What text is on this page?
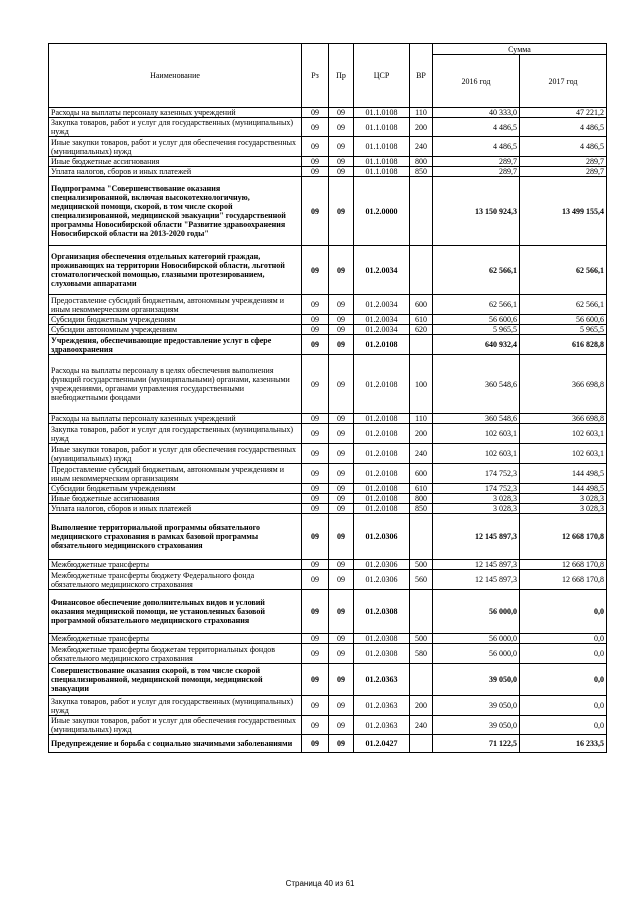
Наименование	Рз	Пр	ЦСР	ВР	Сумма	
					2016 год	2017 год
Расходы на выплаты персоналу казенных учреждений	09	09	01.1.0108	110	40 333,0	47 221,2
Закупка товаров, работ и услуг для государственных (муниципальных) нужд	09	09	01.1.0108	200	4 486,5	4 486,5
Иные закупки товаров, работ и услуг для обеспечения государственных (муниципальных) нужд	09	09	01.1.0108	240	4 486,5	4 486,5
Иные бюджетные ассигнования	09	09	01.1.0108	800	289,7	289,7
Уплата налогов, сборов и иных платежей	09	09	01.1.0108	850	289,7	289,7
Подпрограмма "Совершенствование оказания специализированной, включая высокотехнологичную, медицинской помощи, скорой, в том числе скорой специализированной, медицинской эвакуации" государственной программы Новосибирской области "Развитие здравоохранения Новосибирской области на 2013-2020 годы"	09	09	01.2.0000		13 150 924,3	13 499 155,4
Организация обеспечения отдельных категорий граждан, проживающих на территории Новосибирской области, льготной стоматологической помощью, глазными протезированием, слуховыми аппаратами	09	09	01.2.0034		62 566,1	62 566,1
Предоставление субсидий бюджетным, автономным учреждениям и иным некоммерческим организациям	09	09	01.2.0034	600	62 566,1	62 566,1
Субсидии бюджетным учреждениям	09	09	01.2.0034	610	56 600,6	56 600,6
Субсидии автономным учреждениям	09	09	01.2.0034	620	5 965,5	5 965,5
Учреждения, обеспечивающие предоставление услуг в сфере здравоохранения	09	09	01.2.0108		640 932,4	616 828,8
Расходы на выплаты персоналу в целях обеспечения выполнения функций государственными (муниципальными) органами, казенными учреждениями, органами управления государственными внебюджетными фондами	09	09	01.2.0108	100	360 548,6	366 698,8
Расходы на выплаты персоналу казенных учреждений	09	09	01.2.0108	110	360 548,6	366 698,8
Закупка товаров, работ и услуг для государственных (муниципальных) нужд	09	09	01.2.0108	200	102 603,1	102 603,1
Иные закупки товаров, работ и услуг для обеспечения государственных (муниципальных) нужд	09	09	01.2.0108	240	102 603,1	102 603,1
Предоставление субсидий бюджетным, автономным учреждениям и иным некоммерческим организациям	09	09	01.2.0108	600	174 752,3	144 498,5
Субсидии бюджетным учреждениям	09	09	01.2.0108	610	174 752,3	144 498,5
Иные бюджетные ассигнования	09	09	01.2.0108	800	3 028,3	3 028,3
Уплата налогов, сборов и иных платежей	09	09	01.2.0108	850	3 028,3	3 028,3
Выполнение территориальной программы обязательного медицинского страхования в рамках базовой программы обязательного медицинского страхования	09	09	01.2.0306		12 145 897,3	12 668 170,8
Межбюджетные трансферты	09	09	01.2.0306	500	12 145 897,3	12 668 170,8
Межбюджетные трансферты бюджету Федерального фонда обязательного медицинского страхования	09	09	01.2.0306	560	12 145 897,3	12 668 170,8
Финансовое обеспечение дополнительных видов и условий оказания медицинской помощи, не установленных базовой программой обязательного медицинского страхования	09	09	01.2.0308		56 000,0	0,0
Межбюджетные трансферты	09	09	01.2.0308	500	56 000,0	0,0
Межбюджетные трансферты бюджетам территориальных фондов обязательного медицинского страхования	09	09	01.2.0308	580	56 000,0	0,0
Совершенствование оказания скорой, в том числе скорой специализированной, медицинской помощи, медицинской эвакуации	09	09	01.2.0363		39 050,0	0,0
Закупка товаров, работ и услуг для государственных (муниципальных) нужд	09	09	01.2.0363	200	39 050,0	0,0
Иные закупки товаров, работ и услуг для обеспечения государственных (муниципальных) нужд	09	09	01.2.0363	240	39 050,0	0,0
Предупреждение и борьба с социально значимыми заболеваниями	09	09	01.2.0427		71 122,5	16 233,5
Страница 40 из 61
